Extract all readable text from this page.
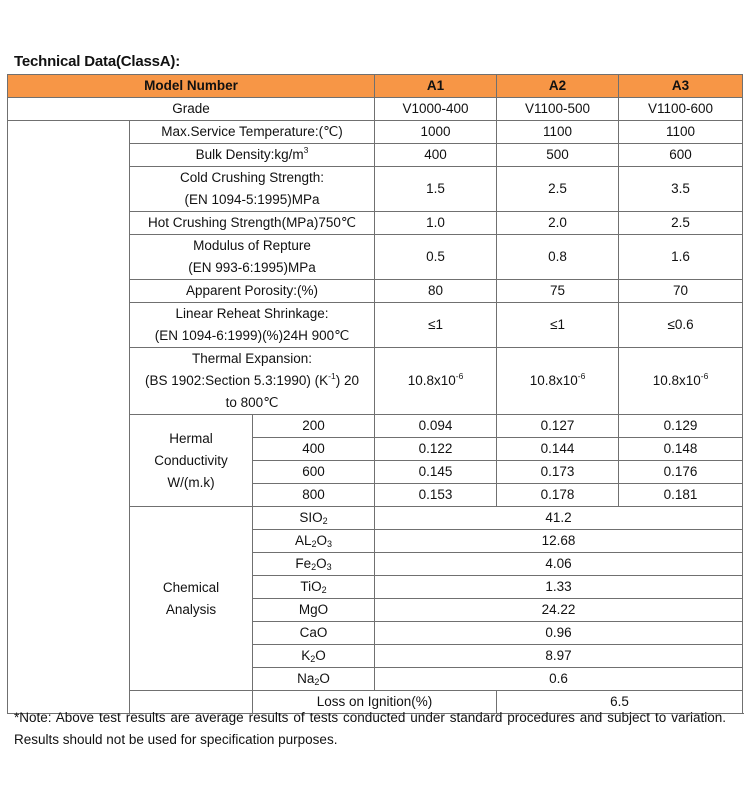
Technical Data(ClassA):
Model Number			A1	A2	A3
Grade			V1000-400	V1100-500	V1100-600
	Max.Service Temperature:(℃)		1000	1100	1100
	Bulk $Density:kg/m^3$		400	500	600

	Cold Crushing Strength:
(EN 1094-5:1995)MPa		1.5	2.5	3.5
	Hot Crushing Strength(MPa)750℃		1.0	2.0	2.5

	Modulus of Repture
(EN 993-6:1995)MPa		0.5	0.8	1.6
	Apparent Porosity:(%)		80	75	70

	Linear Reheat Shrinkage:
(EN 1094-6:1999)(%)24H 900℃		≤1	≤1	≤0.6

	Thermal Expansion:
(BS 1902:Section 5.3:1990) $(K^{-1})$ 20
to 800℃		$10.8x10^{-6}$	$10.8x10^{-6}$	$10.8x10^{-6}$

	Hermal
Conductivity
W/(m.k)	200	0.094	0.127	0.129
		400	0.122	0.144	0.148
		600	0.145	0.173	0.176
		800	0.153	0.178	0.181

	Chemical
Analysis	$SIO_2$	41.2		
		$AL_2O_3$	12.68		
		$Fe_2O_3$	4.06		
		TiO$_2$	1.33		
		MgO	24.22		
		CaO	0.96		
		$K_2O$	8.97		
		$Na_2O$	0.6		
		Loss on Ignition(%)		6.5	
*Note: Above test results are average results of tests conducted under standard procedures and subject to variation. Results should not be used for specification purposes.
